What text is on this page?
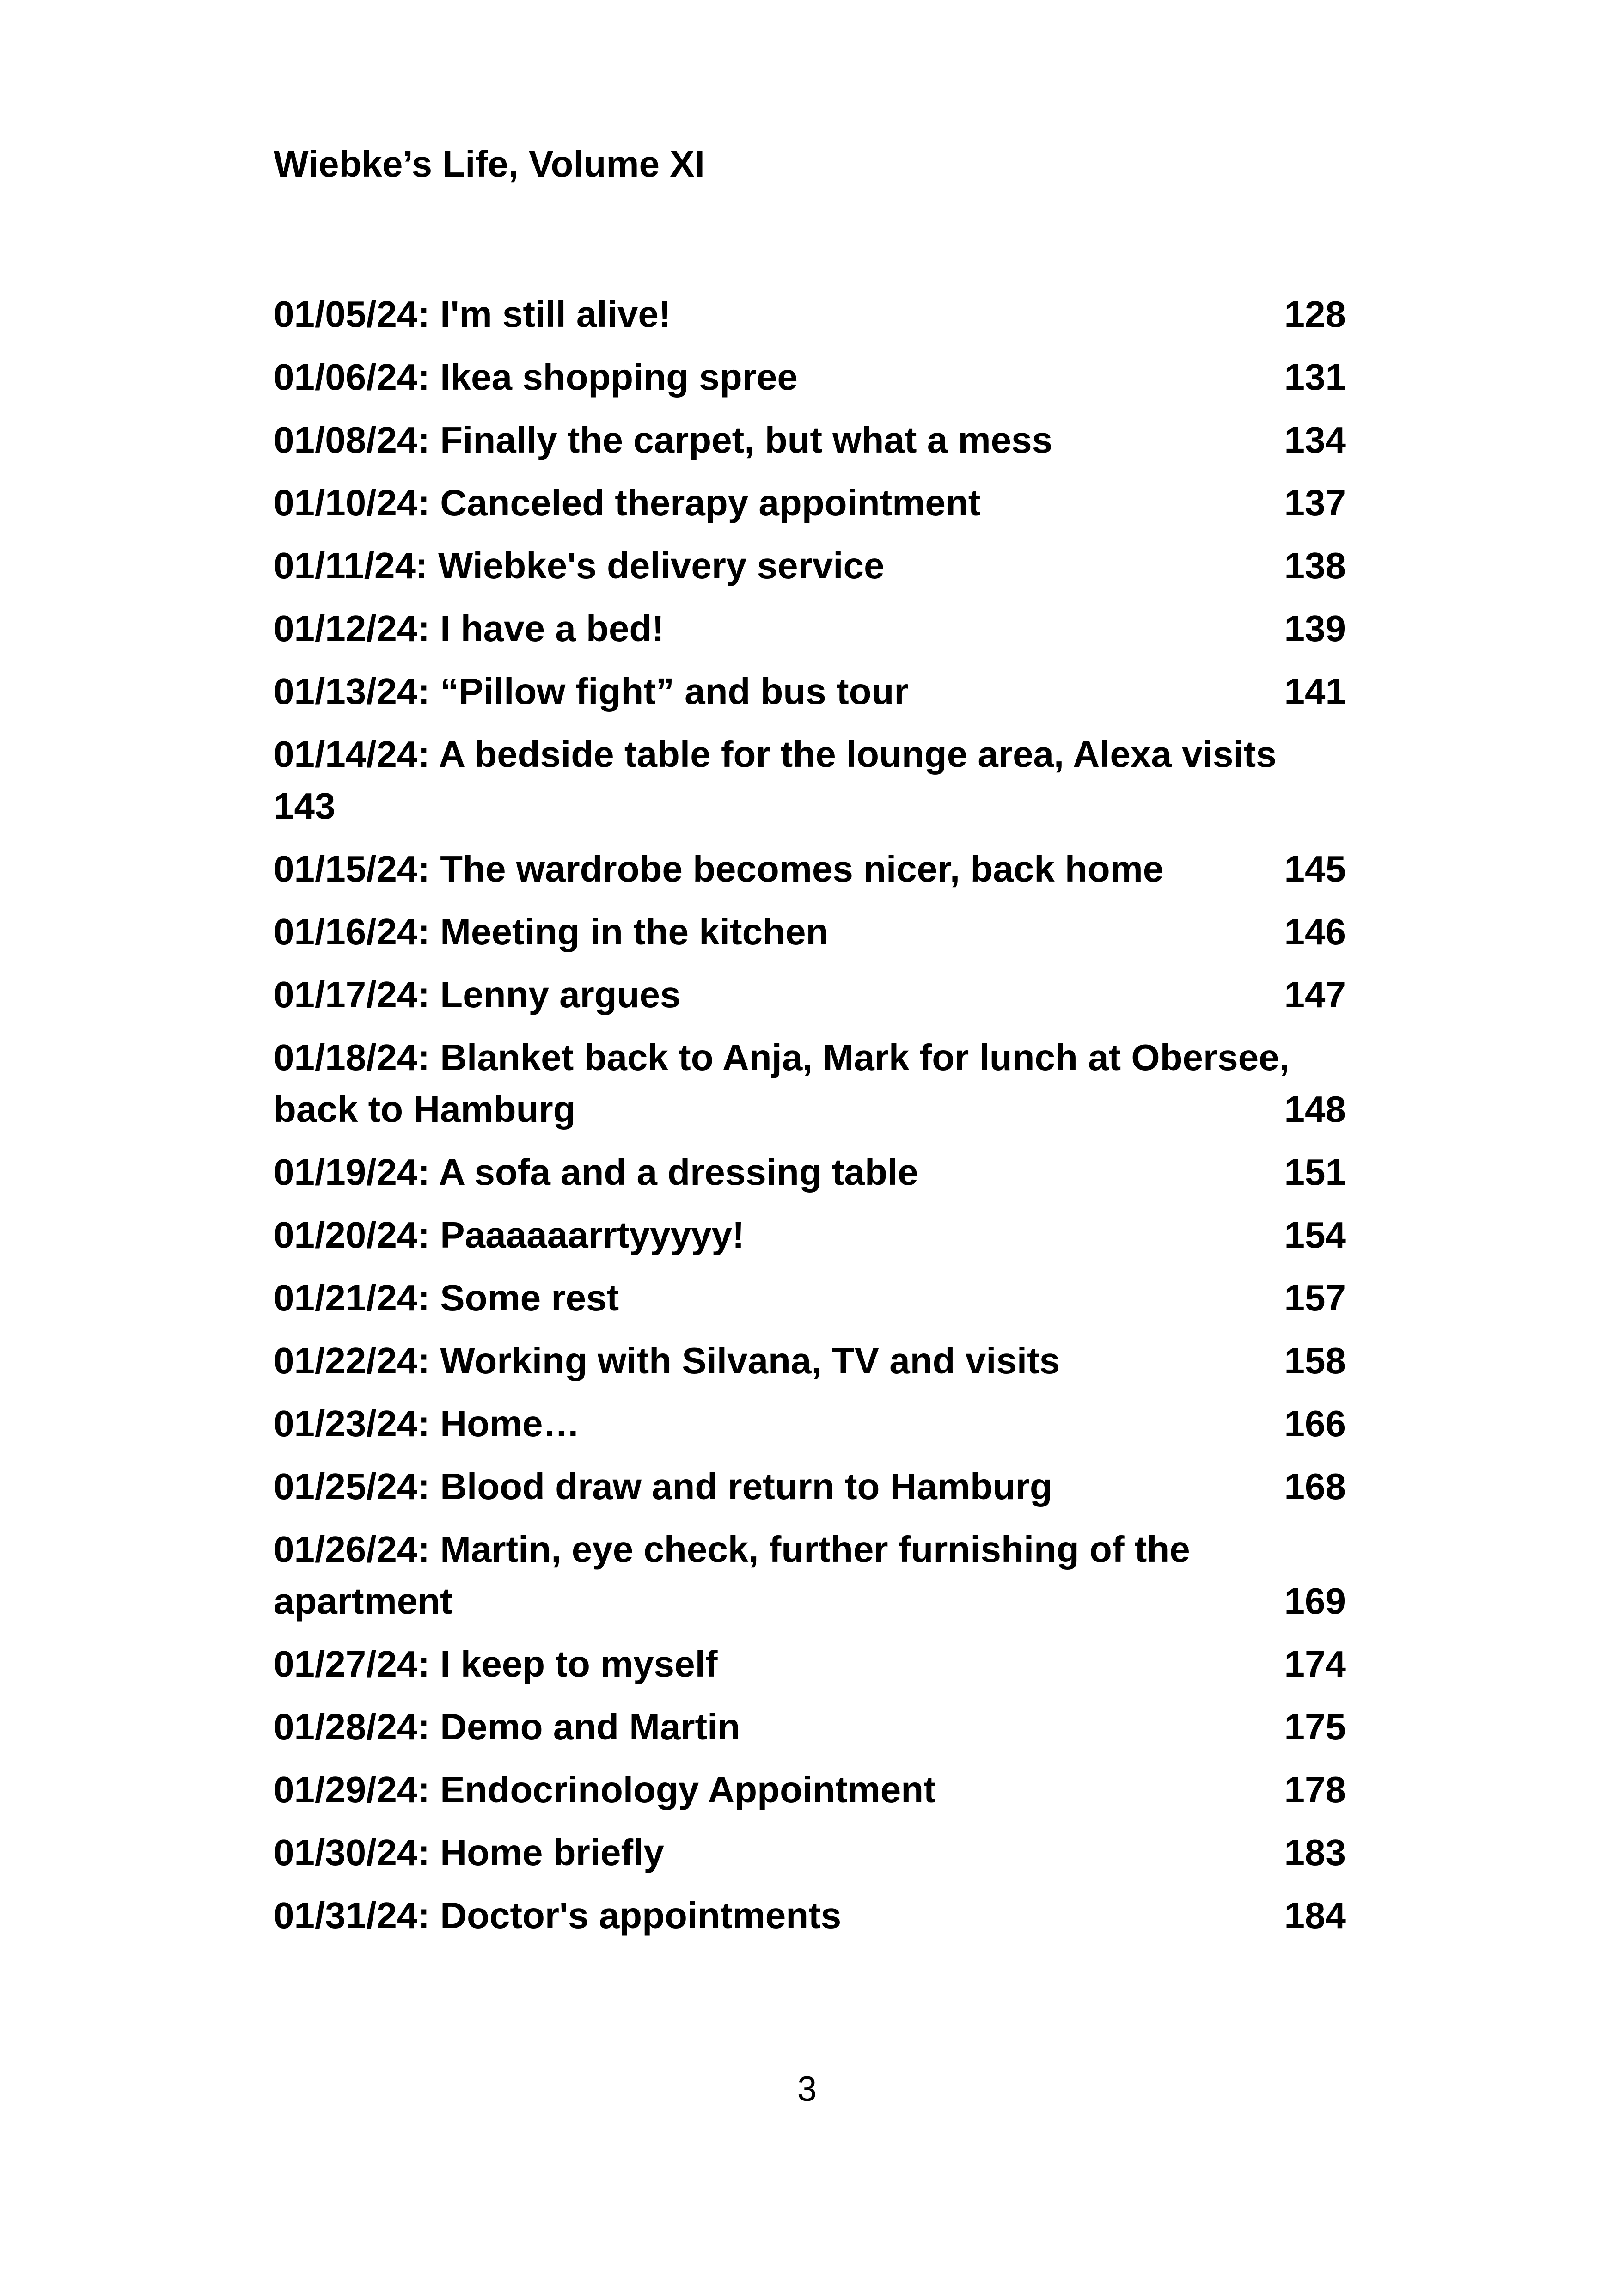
Wiebke’s Life, Volume XI
01/05/24: I'm still alive!	128
01/06/24: Ikea shopping spree	131
01/08/24: Finally the carpet, but what a mess	134
01/10/24: Canceled therapy appointment	137
01/11/24: Wiebke's delivery service	138
01/12/24: I have a bed!	139
01/13/24: “Pillow fight” and bus tour	141
01/14/24: A bedside table for the lounge area, Alexa visits
143
01/15/24: The wardrobe becomes nicer, back home	145
01/16/24: Meeting in the kitchen	146
01/17/24: Lenny argues	147
01/18/24: Blanket back to Anja, Mark for lunch at Obersee, back to Hamburg	148
01/19/24: A sofa and a dressing table	151
01/20/24: Paaaaaarrtyyyyy!	154
01/21/24: Some rest	157
01/22/24: Working with Silvana, TV and visits	158
01/23/24: Home…	166
01/25/24: Blood draw and return to Hamburg	168
01/26/24: Martin, eye check, further furnishing of the apartment	169
01/27/24: I keep to myself	174
01/28/24: Demo and Martin	175
01/29/24: Endocrinology Appointment	178
01/30/24: Home briefly	183
01/31/24: Doctor's appointments	184
3
